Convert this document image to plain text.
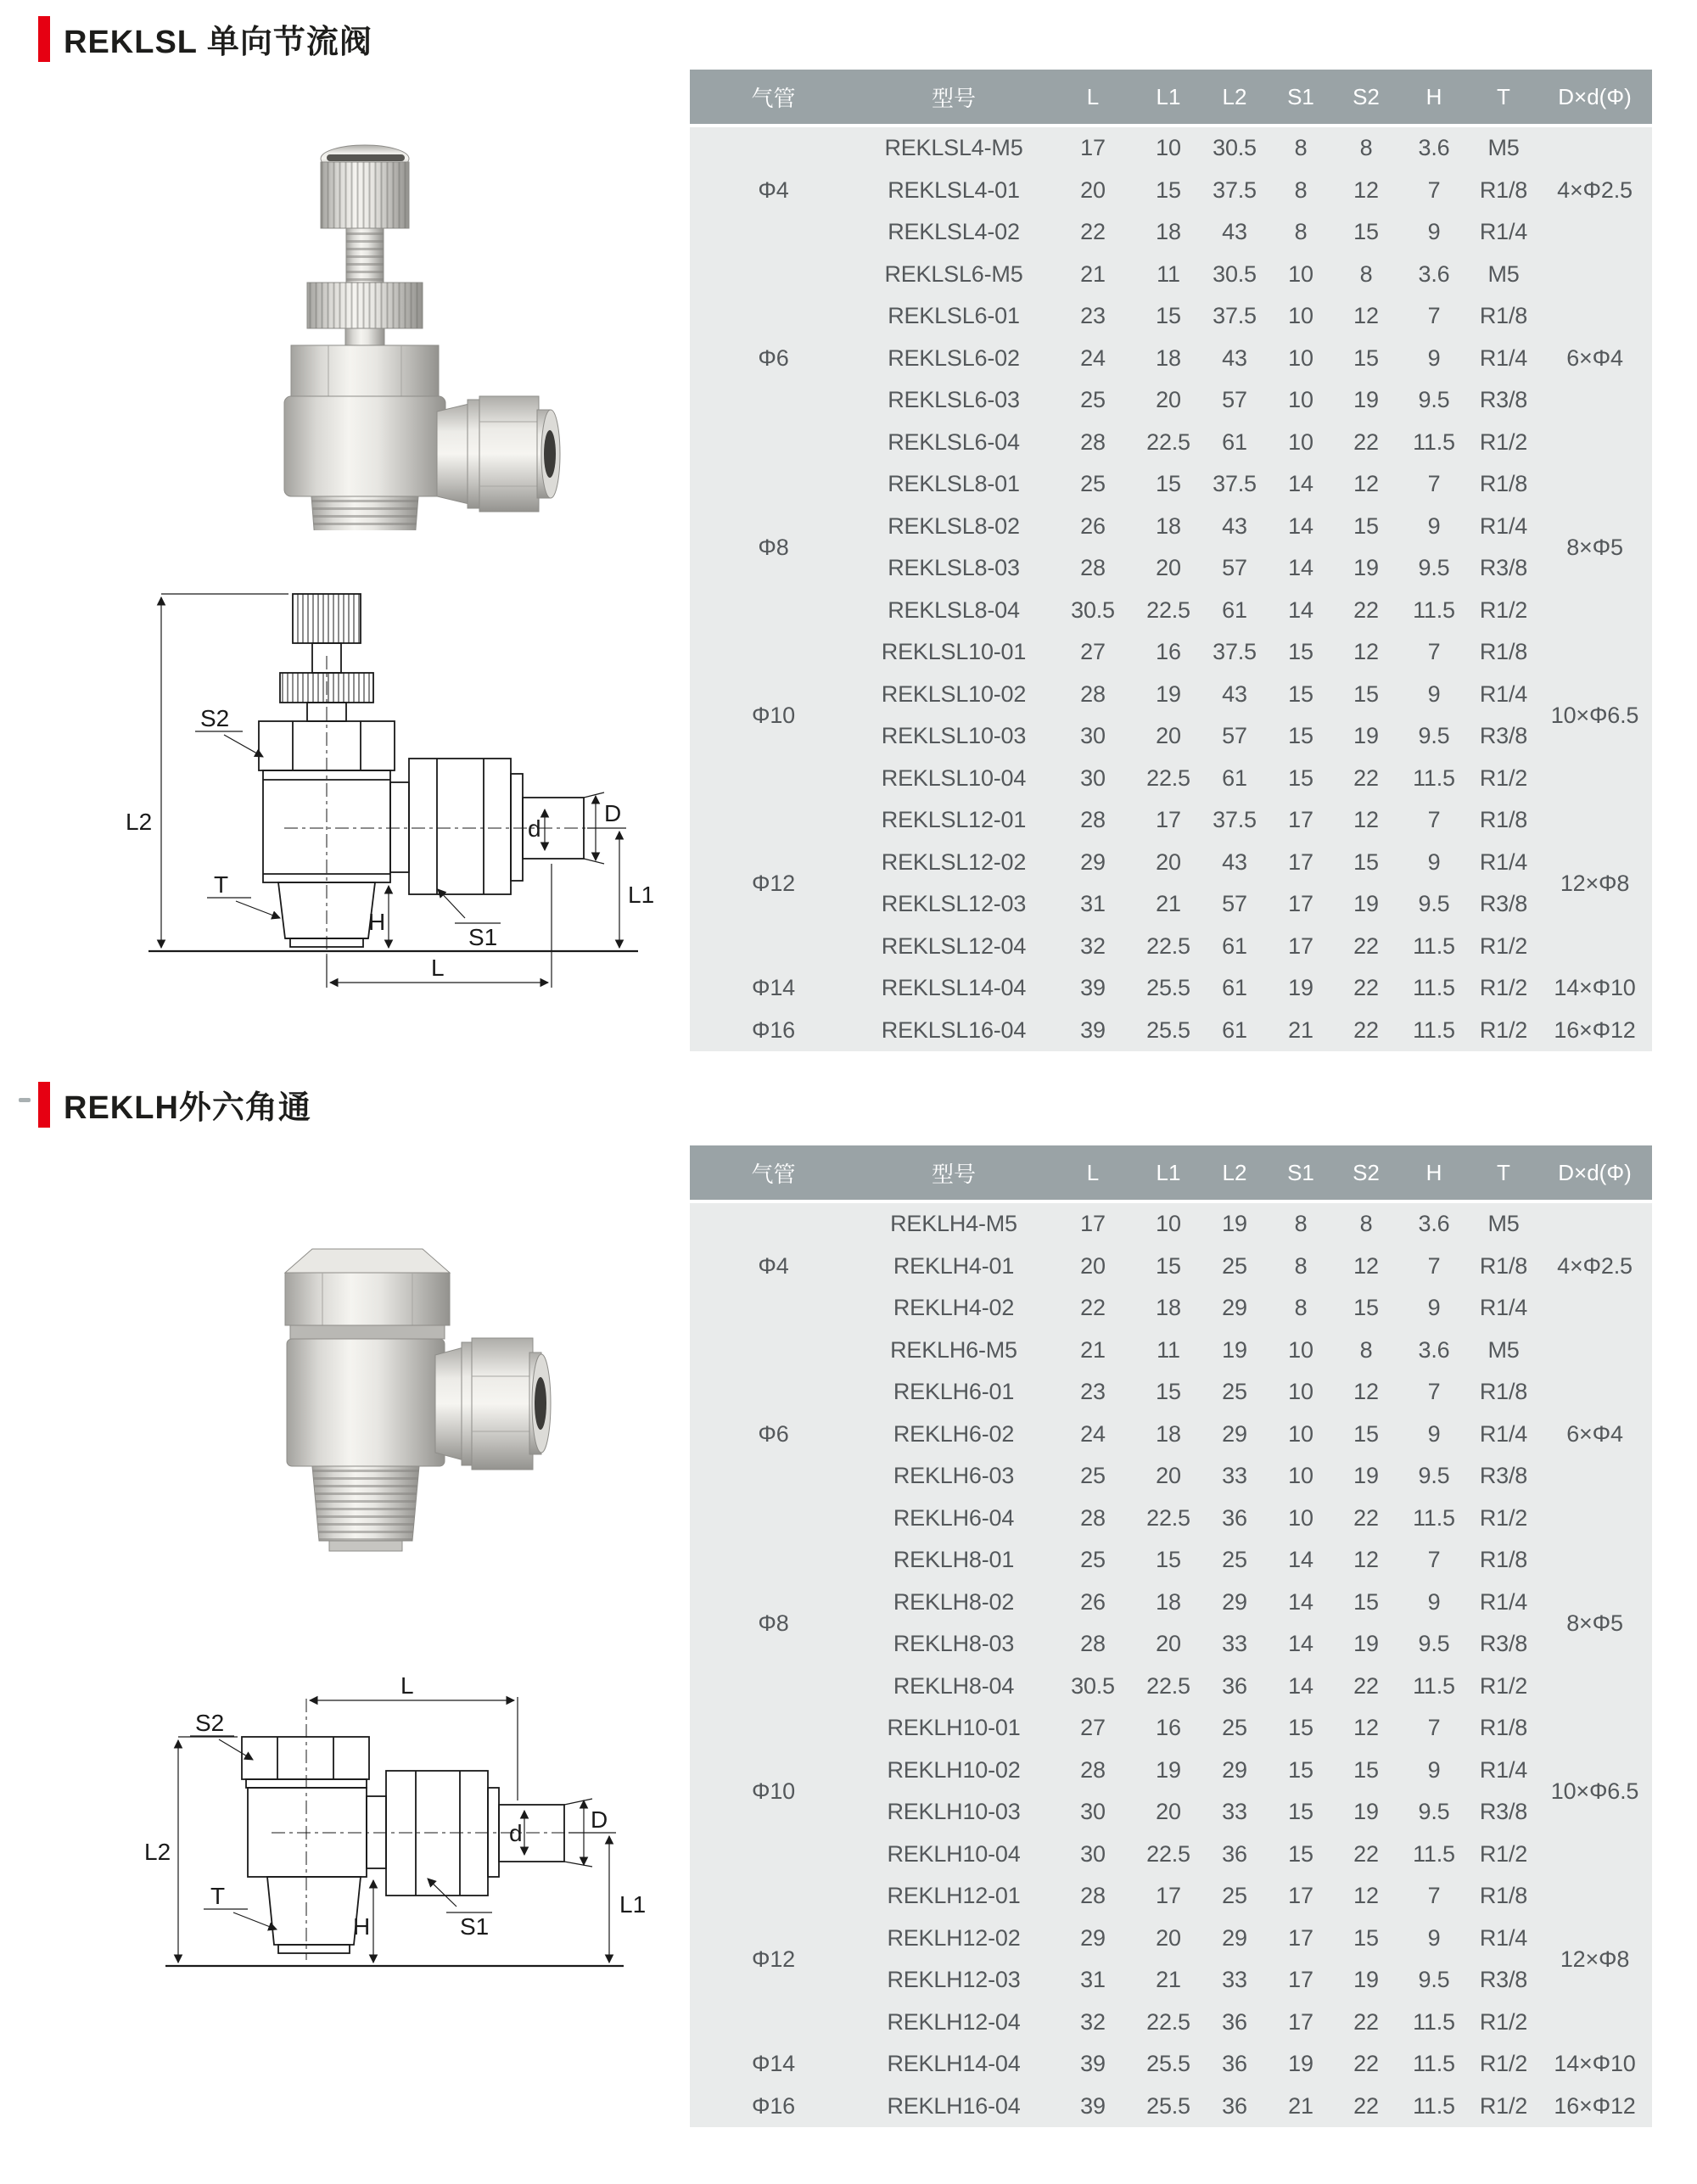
REKLSL 单向节流阀
S2
L2
T
H
L
S1
d
D
L1
气管	型号	L	L1	L2	S1	S2	H	T	D×d(Φ)
Φ4	REKLSL4-M5	17	10	30.5	8	8	3.6	M5	4×Φ2.5
	REKLSL4-01	20	15	37.5	8	12	7	R1/8	
	REKLSL4-02	22	18	43	8	15	9	R1/4	
Φ6	REKLSL6-M5	21	11	30.5	10	8	3.6	M5	6×Φ4
	REKLSL6-01	23	15	37.5	10	12	7	R1/8	
	REKLSL6-02	24	18	43	10	15	9	R1/4	
	REKLSL6-03	25	20	57	10	19	9.5	R3/8	
	REKLSL6-04	28	22.5	61	10	22	11.5	R1/2	
Φ8	REKLSL8-01	25	15	37.5	14	12	7	R1/8	8×Φ5
	REKLSL8-02	26	18	43	14	15	9	R1/4	
	REKLSL8-03	28	20	57	14	19	9.5	R3/8	
	REKLSL8-04	30.5	22.5	61	14	22	11.5	R1/2	
Φ10	REKLSL10-01	27	16	37.5	15	12	7	R1/8	10×Φ6.5
	REKLSL10-02	28	19	43	15	15	9	R1/4	
	REKLSL10-03	30	20	57	15	19	9.5	R3/8	
	REKLSL10-04	30	22.5	61	15	22	11.5	R1/2	
Φ12	REKLSL12-01	28	17	37.5	17	12	7	R1/8	12×Φ8
	REKLSL12-02	29	20	43	17	15	9	R1/4	
	REKLSL12-03	31	21	57	17	19	9.5	R3/8	
	REKLSL12-04	32	22.5	61	17	22	11.5	R1/2	
Φ14	REKLSL14-04	39	25.5	61	19	22	11.5	R1/2	14×Φ10
Φ16	REKLSL16-04	39	25.5	61	21	22	11.5	R1/2	16×Φ12
REKLH外六角通
S2
L
L2
T
H
d
D
S1
L1
气管	型号	L	L1	L2	S1	S2	H	T	D×d(Φ)
Φ4	REKLH4-M5	17	10	19	8	8	3.6	M5	4×Φ2.5
	REKLH4-01	20	15	25	8	12	7	R1/8	
	REKLH4-02	22	18	29	8	15	9	R1/4	
Φ6	REKLH6-M5	21	11	19	10	8	3.6	M5	6×Φ4
	REKLH6-01	23	15	25	10	12	7	R1/8	
	REKLH6-02	24	18	29	10	15	9	R1/4	
	REKLH6-03	25	20	33	10	19	9.5	R3/8	
	REKLH6-04	28	22.5	36	10	22	11.5	R1/2	
Φ8	REKLH8-01	25	15	25	14	12	7	R1/8	8×Φ5
	REKLH8-02	26	18	29	14	15	9	R1/4	
	REKLH8-03	28	20	33	14	19	9.5	R3/8	
	REKLH8-04	30.5	22.5	36	14	22	11.5	R1/2	
Φ10	REKLH10-01	27	16	25	15	12	7	R1/8	10×Φ6.5
	REKLH10-02	28	19	29	15	15	9	R1/4	
	REKLH10-03	30	20	33	15	19	9.5	R3/8	
	REKLH10-04	30	22.5	36	15	22	11.5	R1/2	
Φ12	REKLH12-01	28	17	25	17	12	7	R1/8	12×Φ8
	REKLH12-02	29	20	29	17	15	9	R1/4	
	REKLH12-03	31	21	33	17	19	9.5	R3/8	
	REKLH12-04	32	22.5	36	17	22	11.5	R1/2	
Φ14	REKLH14-04	39	25.5	36	19	22	11.5	R1/2	14×Φ10
Φ16	REKLH16-04	39	25.5	36	21	22	11.5	R1/2	16×Φ12
